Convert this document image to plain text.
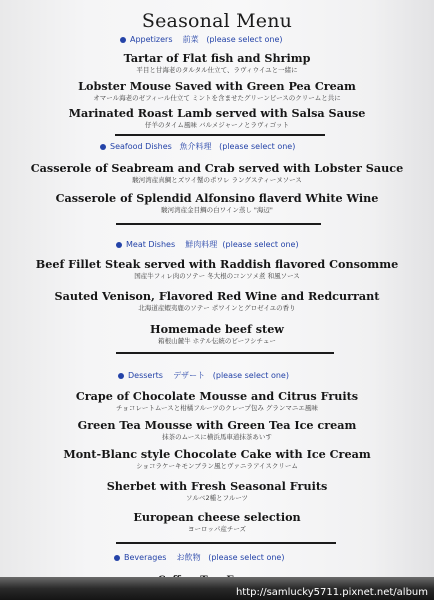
Seasonal Menu
Appetizers 前菜 (please select one)
Tartar of Flat fish and Shrimp
平目と甘海老のタルタル仕立て、ラヴィウイユと一緒に
Lobster Mouse Saved with Green Pea Cream
オマール海老のゼフィール仕立て ミントを含ませたグリーンピースのクリームと共に
Marinated Roast Lamb served with Salsa Sause
仔羊のタイム風味 バルメジャーノとラヴィゴット
Seafood Dishes 魚介料理 (please select one)
Casserole of Seabream and Crab served with Lobster Sauce
駿河湾産真鯛とズワイ蟹のポワレ ラングスティーヌソース
Casserole of Splendid Alfonsino flaverd White Wine
駿河湾産金目鯛の白ワイン蒸し "海辺"
Meat Dishes 鮮肉料理 (please select one)
Beef Fillet Steak served with Raddish flavored Consomme
国産牛フィレ肉のソテー 冬大根のコンソメ煮 和風ソース
Sauted Venison, Flavored Red Wine and Redcurrant
北海道産蝦夷鹿のソテー ポワインとグロゼイユの香り
Homemade beef stew
箱根山麓牛 ホテル伝統のビーフシチュー
Desserts デザート (please select one)
Crape of Chocolate Mousse and Citrus Fruits
チョコレートムースと柑橘フルーツのクレープ包み グランマニエ風味
Green Tea Mousse with Green Tea Ice cream
抹茶のムースに横浜馬車道抹茶あいす
Mont-Blanc style Chocolate Cake with Ice Cream
ショコラケーキモンブラン風とヴァニラアイスクリーム
Sherbet with Fresh Seasonal Fruits
ソルベ2種とフルーツ
European cheese selection
ヨーロッパ産チーズ
Beverages お飲物 (please select one)
http://samlucky5711.pixnet.net/album
